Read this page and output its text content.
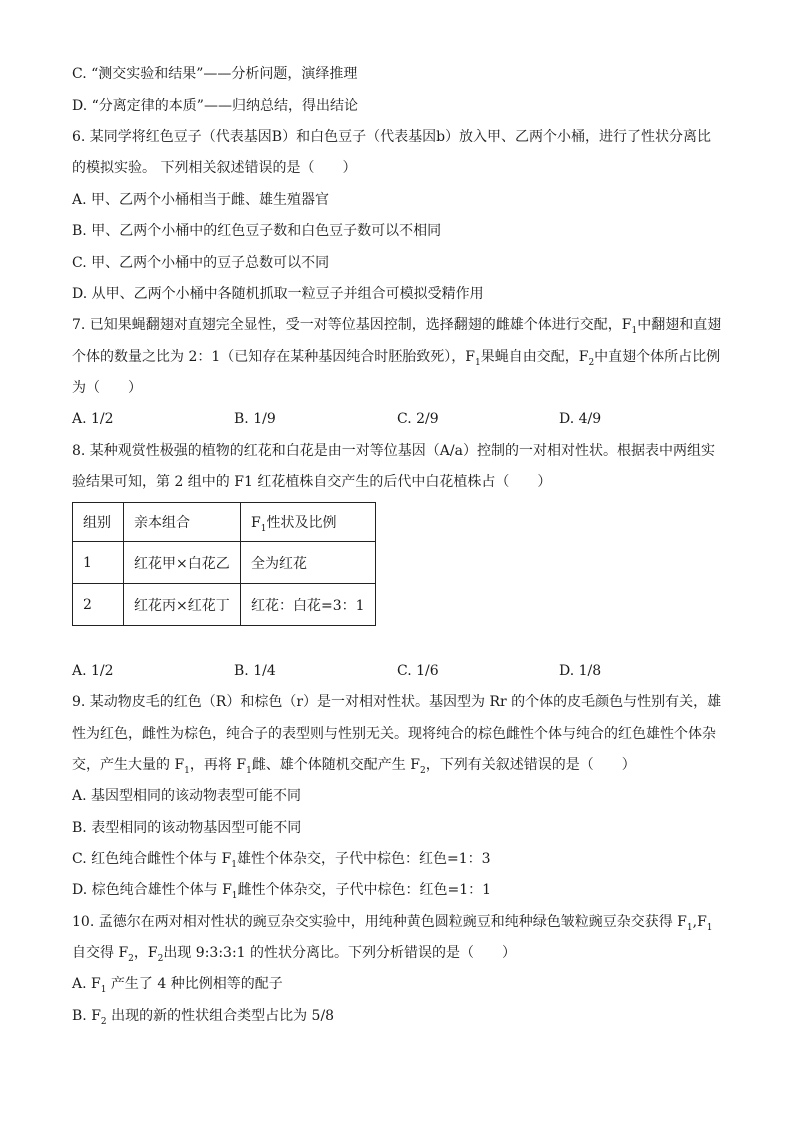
C. “测交实验和结果”——分析问题，演绎推理
D. “分离定律的本质”——归纳总结，得出结论
6. 某同学将红色豆子（代表基因B）和白色豆子（代表基因b）放入甲、乙两个小桶，进行了性状分离比
的模拟实验。 下列相关叙述错误的是（　　）
A. 甲、乙两个小桶相当于雌、雄生殖器官
B. 甲、乙两个小桶中的红色豆子数和白色豆子数可以不相同
C. 甲、乙两个小桶中的豆子总数可以不同
D. 从甲、乙两个小桶中各随机抓取一粒豆子并组合可模拟受精作用
7. 已知果蝇翻翅对直翅完全显性，受一对等位基因控制，选择翻翅的雌雄个体进行交配，$F_1$中翻翅和直翅
个体的数量之比为 2：1（已知存在某种基因纯合时胚胎致死），$F_1$果蝇自由交配，$F_2$中直翅个体所占比例
为（　　）
A. 1/2	B. 1/9	C. 2/9	D. 4/9
8. 某种观赏性极强的植物的红花和白花是由一对等位基因（A/a）控制的一对相对性状。根据表中两组实
验结果可知，第 2 组中的 F1 红花植株自交产生的后代中白花植株占（　　）
组别	亲本组合	$F_1$性状及比例
1	红花甲×白花乙	全为红花
2	红花丙×红花丁	红花：白花=3：1
A. 1/2	B. 1/4	C. 1/6	D. 1/8
9. 某动物皮毛的红色（R）和棕色（r）是一对相对性状。基因型为 Rr 的个体的皮毛颜色与性别有关，雄
性为红色，雌性为棕色，纯合子的表型则与性别无关。现将纯合的棕色雌性个体与纯合的红色雄性个体杂
交，产生大量的 $F_1$，再将 $F_1$雌、雄个体随机交配产生 $F_2$，下列有关叙述错误的是（　　）
A. 基因型相同的该动物表型可能不同
B. 表型相同的该动物基因型可能不同
C. 红色纯合雌性个体与 $F_1$雄性个体杂交，子代中棕色：红色=1：3
D. 棕色纯合雄性个体与 $F_1$雌性个体杂交，子代中棕色：红色=1：1
10. 孟德尔在两对相对性状的豌豆杂交实验中，用纯种黄色圆粒豌豆和纯种绿色皱粒豌豆杂交获得 $F_1,F_1$
自交得 $F_2$，$F_2$出现 9:3:3:1 的性状分离比。下列分析错误的是（　　）
A. $F_1$ 产生了 4 种比例相等的配子
B. $F_2$ 出现的新的性状组合类型占比为 5/8
